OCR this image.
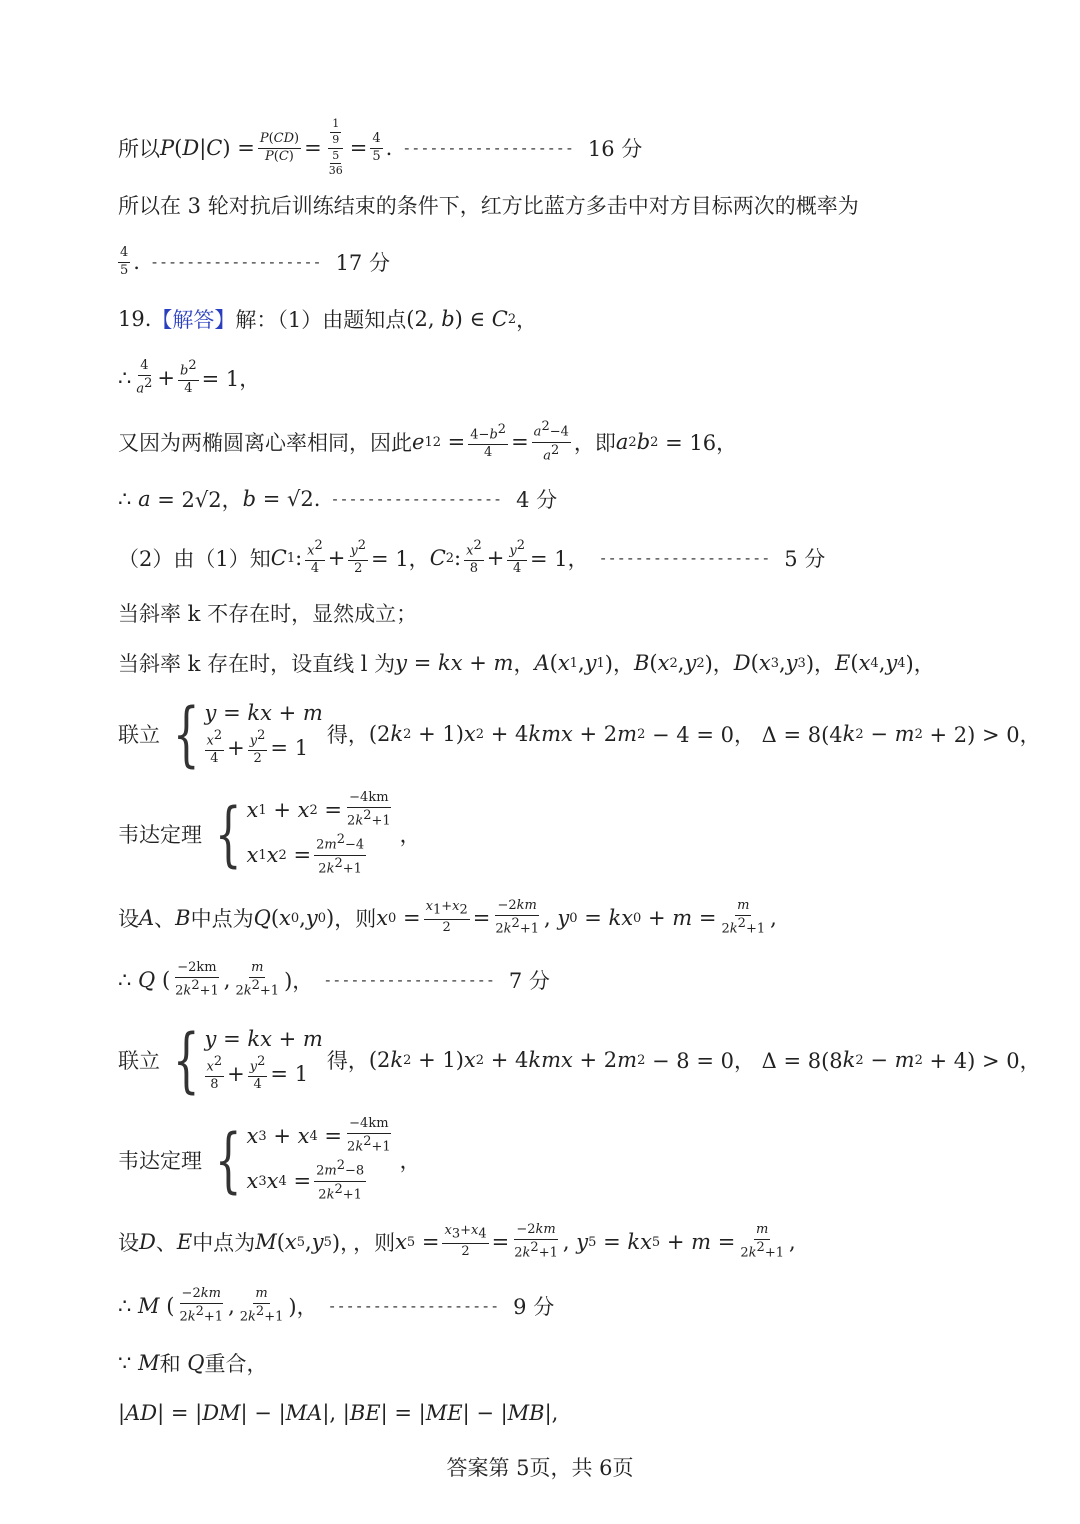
所以 P ( D | C ) = $\frac{P(CD)}{P(C)} = \frac{\frac{1}{9}}{\frac{5}{36}} = \frac{4}{5}$ . ------------------- 16 分
所以在 3 轮对抗后训练结束的条件下，红方比蓝方多击中对方目标两次的概率为
$\frac{4}{5}$ . ------------------- 17 分
19. 【解答】 解：（1）由题知点 (2, b ) ∈ C 2 ，
∴ $\frac{4}{a^2} + \frac{b^2}{4} = 1$，
又因为两椭圆离心率相同，因此 e 1 $2 = \frac{4-b^2}{4} = \frac{a^2-4}{a^2}$ ，即 a 2 b 2 = 16，
∴
a = 2√2， b = √2. ------------------- 4 分
（2）由（1）知 C 1 : $\frac{x^2}{4} + \frac{y^2}{2} = 1$， C 2 : $\frac{x^2}{8} + \frac{y^2}{4} = 1$， ------------------- 5 分
当斜率 k 不存在时，显然成立；
当斜率 k 存在时，设直线 l 为 y = kx + m ， A ( x 1 , y 1 )， B ( x 2 , y 2 )， D ( x 3 , y 3 )， E ( x 4 , y 4 )，
联立 { y = kx + m
$\frac{x^2}{4} + \frac{y^2}{2} = 1$
得， (2 k 2 + 1) x 2 + 4 kmx + 2 m 2 − 4 = 0， Δ = 8(4 k 2 − m 2 + 2) > 0，
韦达定理 { x 1 + x $2 = \frac{-4km}{2k^2+1}$
x 1 x $2 = \frac{2m^2-4}{2k^2+1}$ ，
设 A 、 B 中点为 Q ( x 0 , y 0 ) ，则 x $0 = \frac{x_1+x_2}{2} = \frac{-2km}{2k^2+1}$ , y 0 = kx $0 + m = \frac{m}{2k^2+1}$ ,
∴ Q ( $\frac{-2km}{2k^2+1}$ , $\frac{m}{2k^2+1}$ )， ------------------- 7 分
联立 { y = kx + m
$\frac{x^2}{8} + \frac{y^2}{4} = 1$
得， (2 k 2 + 1) x 2 + 4 kmx + 2 m 2 − 8 = 0， Δ = 8(8 k 2 − m 2 + 4) > 0，
韦达定理 { x 3 + x $4 = \frac{-4km}{2k^2+1}$
x 3 x $4 = \frac{2m^2-8}{2k^2+1}$ ，
设 D 、 E 中点为 M ( x 5 , y 5 )，
，则 x $5 = \frac{x_3+x_4}{2} = \frac{-2km}{2k^2+1}$ , y 5 = kx $5 + m = \frac{m}{2k^2+1}$ ,
∴ M ( $\frac{-2km}{2k^2+1}$ , $\frac{m}{2k^2+1}$ )， ------------------- 9 分
∵
M 和 Q 重合，
| AD | = | DM | − | MA |, | BE | = | ME | − | MB |,
答案第 5页，共 6页
